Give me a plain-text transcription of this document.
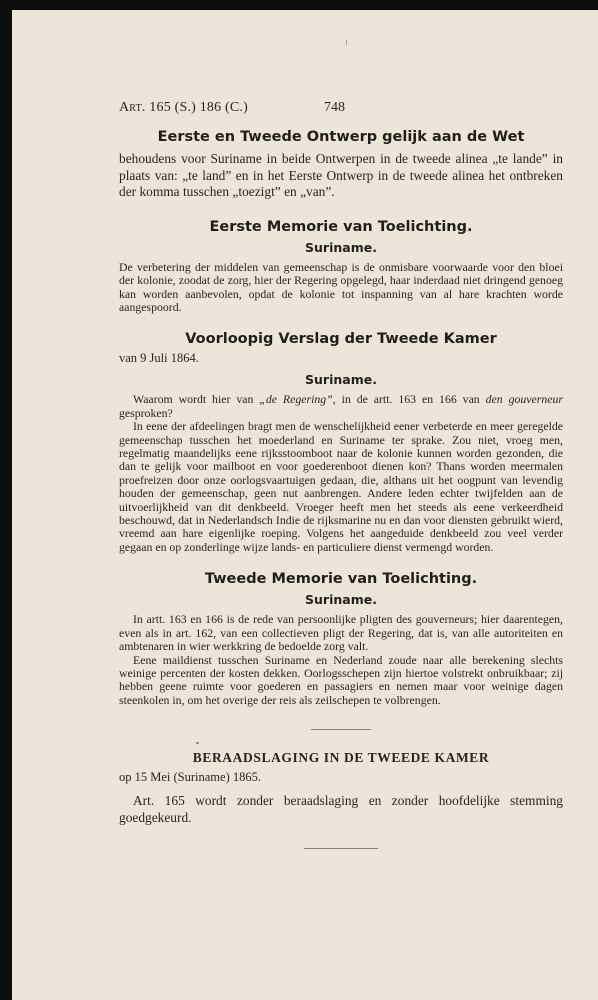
Art. 165 (S.) 186 (C.)	748
Eerste en Tweede Ontwerp gelijk aan de Wet

behoudens voor Suriname in beide Ontwerpen in de tweede alinea „te lande” in plaats van: „te land” en in het Eerste Ontwerp in de tweede alinea het ontbreken der komma tusschen „toezigt” en „van”.

Eerste Memorie van Toelichting.
Suriname.

De verbetering der middelen van gemeenschap is de onmisbare voorwaarde voor den bloei der kolonie, zoodat de zorg, hier der Regering opgelegd, haar inderdaad niet dringend genoeg kan worden aanbevolen, opdat de kolonie tot inspanning van al hare krachten worde aangespoord.

Voorloopig Verslag der Tweede Kamer

van 9 Juli 1864.

Suriname.

Waarom wordt hier van „de Regering”, in de artt. 163 en 166 van den gouverneur gesproken?

In eene der afdeelingen bragt men de wenschelijkheid eener verbeterde en meer geregelde gemeenschap tusschen het moederland en Suriname ter sprake. Zou niet, vroeg men, regelmatig maandelijks eene rijksstoomboot naar de kolonie kunnen worden gezonden, die dan te gelijk voor mailboot en voor goederenboot dienen kon? Thans worden meermalen proefreizen door onze oorlogsvaartuigen gedaan, die, althans uit het oogpunt van levendig houden der gemeenschap, geen nut aanbrengen. Andere leden echter twijfelden aan de uitvoerlijkheid van dit denkbeeld. Vroeger heeft men het steeds als eene verkeerdheid beschouwd, dat in Nederlandsch Indie de rijksmarine nu en dan voor diensten gebruikt wierd, vreemd aan hare eigenlijke roeping. Volgens het aangeduide denkbeeld zou veel verder gegaan en op zonderlinge wijze lands- en particuliere dienst vermengd worden.

Tweede Memorie van Toelichting.
Suriname.

In artt. 163 en 166 is de rede van persoonlijke pligten des gouverneurs; hier daarentegen, even als in art. 162, van een collectieven pligt der Regering, dat is, van alle autoriteiten en ambtenaren in wier werkkring de bedoelde zorg valt.

Eene maildienst tusschen Suriname en Nederland zoude naar alle berekening slechts weinige percenten der kosten dekken. Oorlogsschepen zijn hiertoe volstrekt onbruikbaar; zij hebben geene ruimte voor goederen en passagiers en nemen maar voor weinige dagen steenkolen in, om het overige der reis als zeilschepen te volbrengen.

BERAADSLAGING IN DE TWEEDE KAMER

op 15 Mei (Suriname) 1865.

Art. 165 wordt zonder beraadslaging en zonder hoofdelijke stemming goedgekeurd.
